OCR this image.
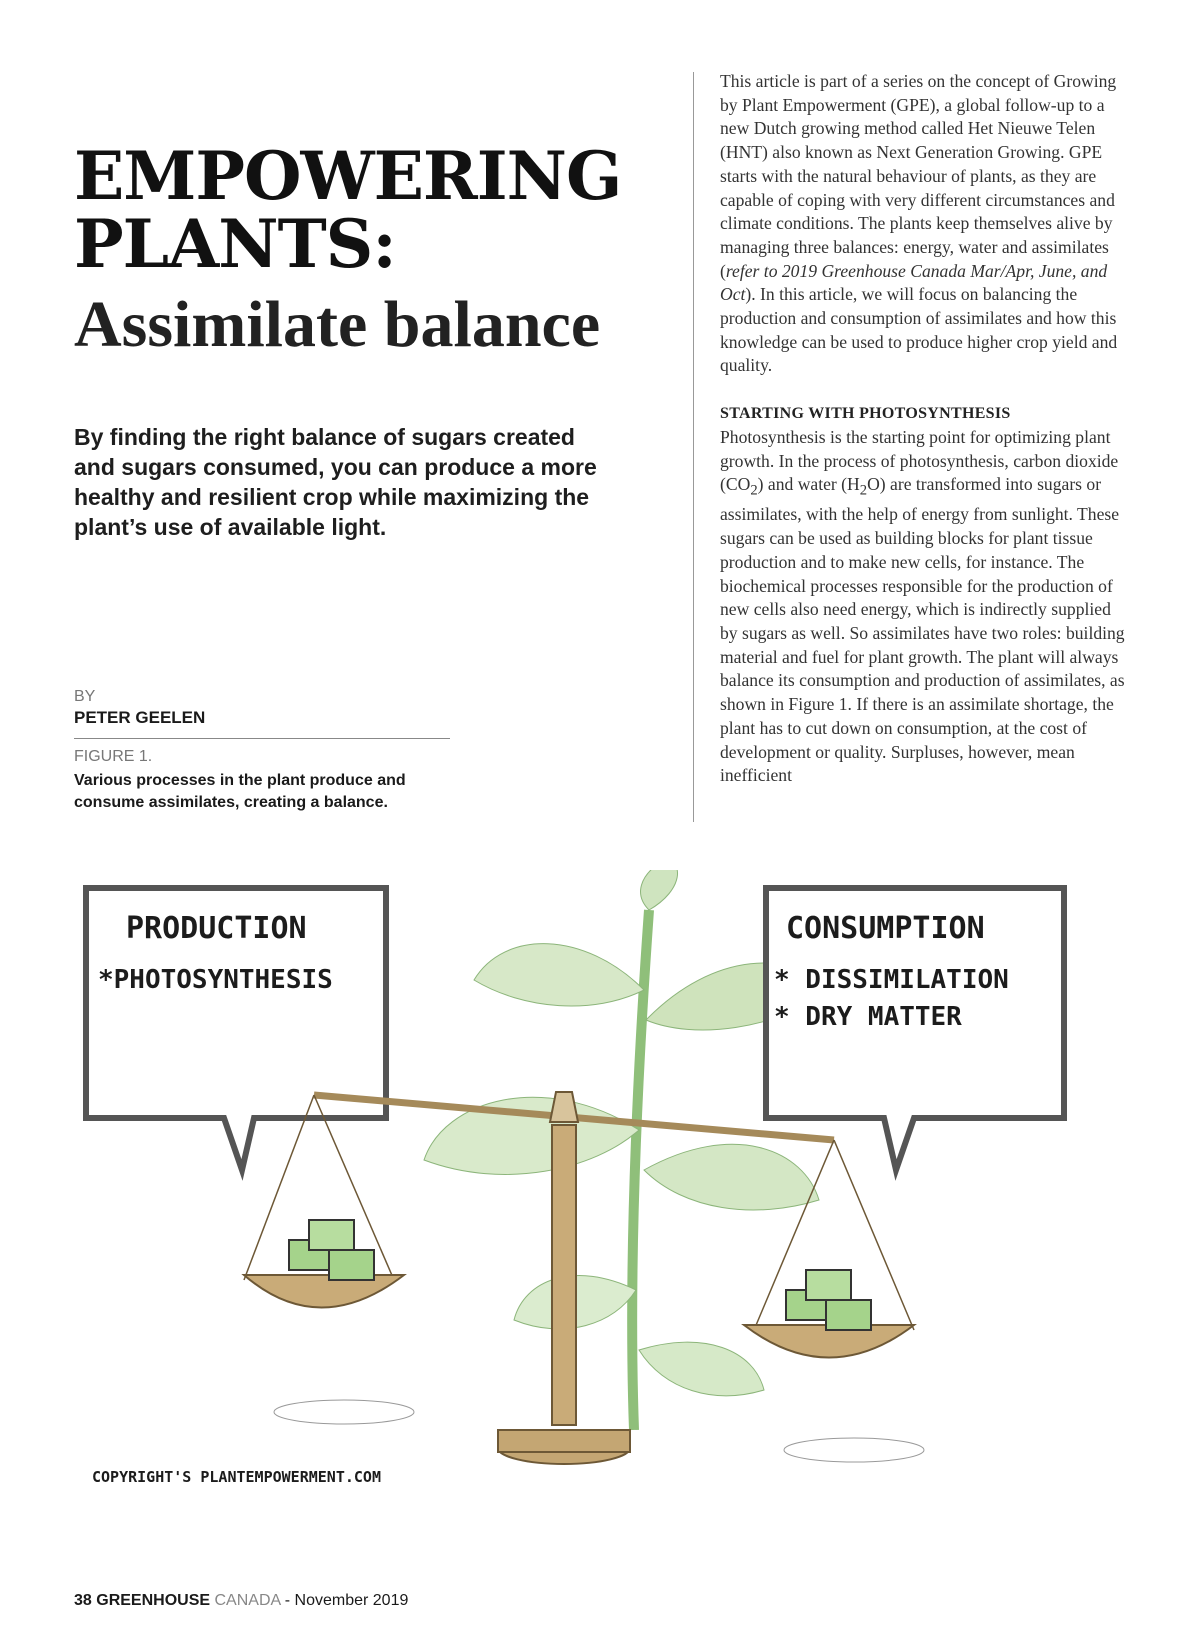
EMPOWERING
PLANTS:
Assimilate balance

By finding the right balance of sugars created and sugars consumed, you can produce a more healthy and resilient crop while maximizing the plant’s use of available light.

BY
PETER GEELEN
FIGURE 1.
Various processes in the plant produce and consume assimilates, creating a balance.

This article is part of a series on the concept of Growing by Plant Empowerment (GPE), a global follow-up to a new Dutch growing method called Het Nieuwe Telen (HNT) also known as Next Generation Growing. GPE starts with the natural behaviour of plants, as they are capable of coping with very different circumstances and climate conditions. The plants keep themselves alive by managing three balances: energy, water and assimilates (refer to 2019 Greenhouse Canada Mar/Apr, June, and Oct). In this article, we will focus on balancing the production and consumption of assimilates and how this knowledge can be used to produce higher crop yield and quality.

STARTING WITH PHOTOSYNTHESIS

Photosynthesis is the starting point for optimizing plant growth. In the process of photosynthesis, carbon dioxide $(CO_2)$ and water $(H_2O)$ are transformed into sugars or assimilates, with the help of energy from sunlight. These sugars can be used as building blocks for plant tissue production and to make new cells, for instance. The biochemical processes responsible for the production of new cells also need energy, which is indirectly supplied by sugars as well. So assimilates have two roles: building material and fuel for plant growth. The plant will always balance its consumption and production of assimilates, as shown in Figure 1. If there is an assimilate shortage, the plant has to cut down on consumption, at the cost of development or quality. Surpluses, however, mean inefficient

PRODUCTION
*PHOTOSYNTHESIS
CONSUMPTION
* DISSIMILATION
* DRY MATTER
COPYRIGHT'S PLANTEMPOWERMENT.COM
38 GREENHOUSE CANADA - November 2019
